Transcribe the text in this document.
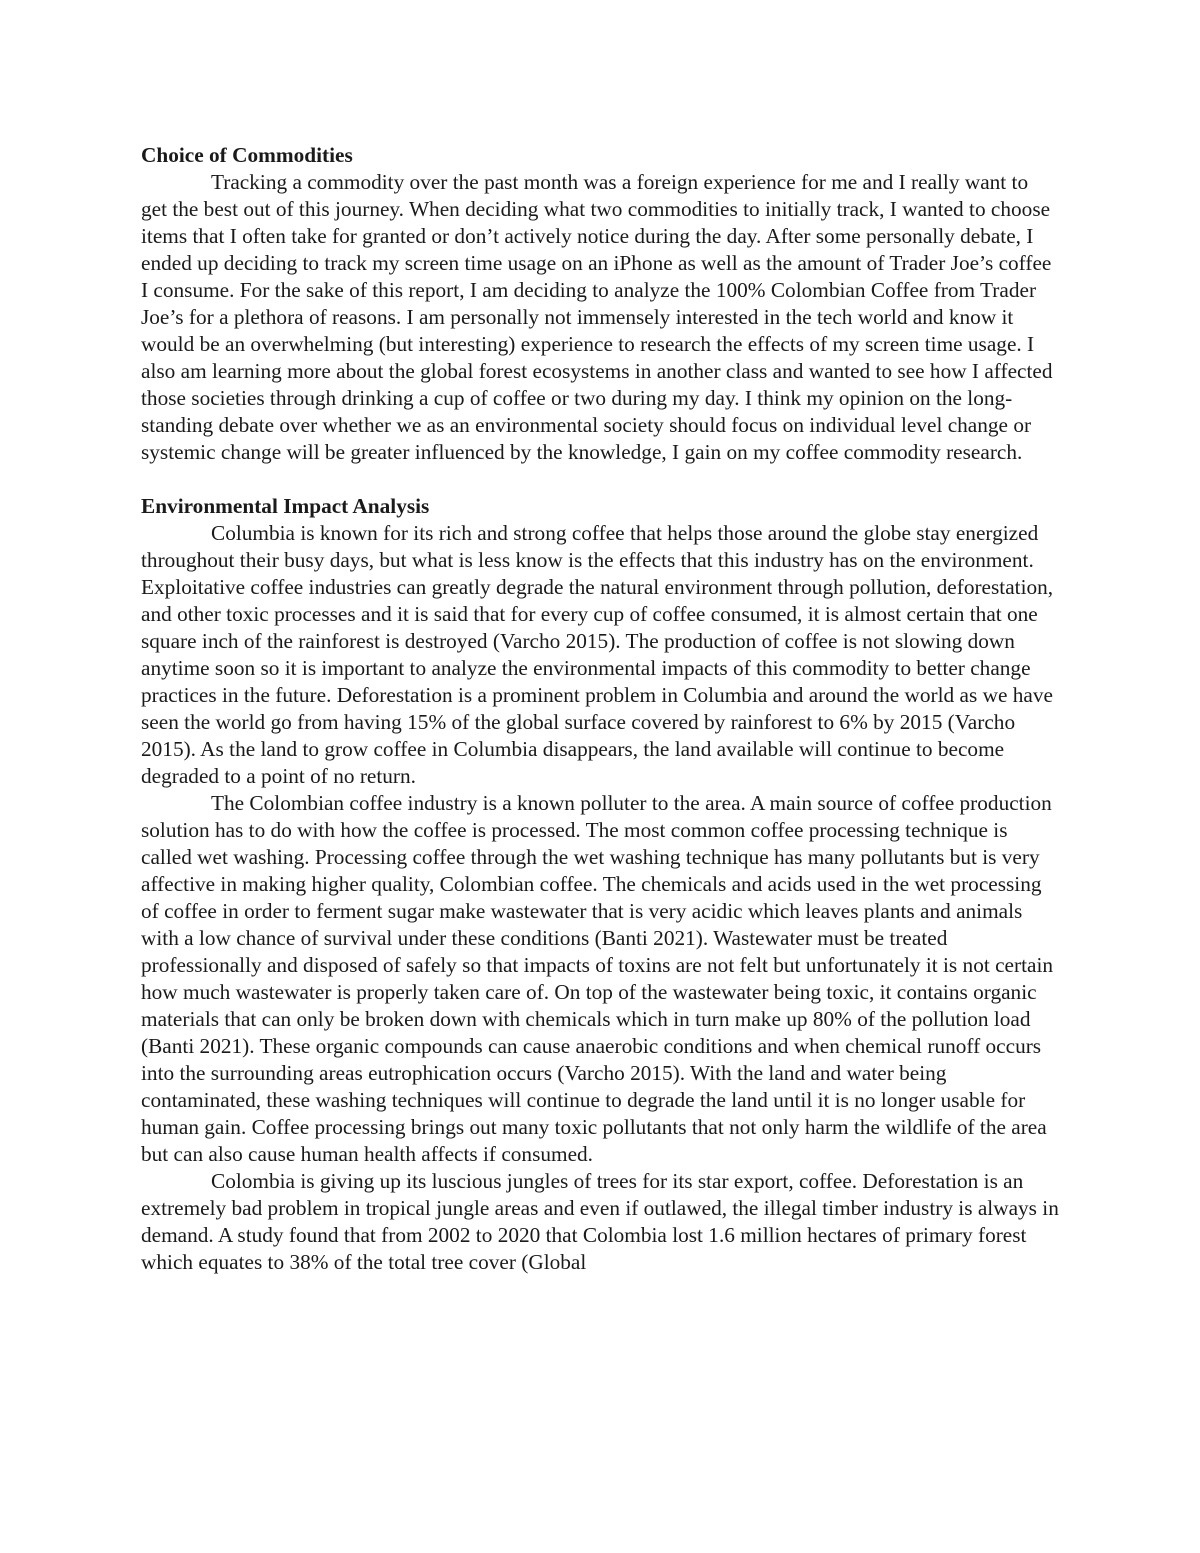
Choice of Commodities

Tracking a commodity over the past month was a foreign experience for me and I really want to get the best out of this journey. When deciding what two commodities to initially track, I wanted to choose items that I often take for granted or don’t actively notice during the day. After some personally debate, I ended up deciding to track my screen time usage on an iPhone as well as the amount of Trader Joe’s coffee I consume. For the sake of this report, I am deciding to analyze the 100% Colombian Coffee from Trader Joe’s for a plethora of reasons. I am personally not immensely interested in the tech world and know it would be an overwhelming (but interesting) experience to research the effects of my screen time usage. I also am learning more about the global forest ecosystems in another class and wanted to see how I affected those societies through drinking a cup of coffee or two during my day. I think my opinion on the long-standing debate over whether we as an environmental society should focus on individual level change or systemic change will be greater influenced by the knowledge, I gain on my coffee commodity research.

Environmental Impact Analysis

Columbia is known for its rich and strong coffee that helps those around the globe stay energized throughout their busy days, but what is less know is the effects that this industry has on the environment. Exploitative coffee industries can greatly degrade the natural environment through pollution, deforestation, and other toxic processes and it is said that for every cup of coffee consumed, it is almost certain that one square inch of the rainforest is destroyed (Varcho 2015). The production of coffee is not slowing down anytime soon so it is important to analyze the environmental impacts of this commodity to better change practices in the future. Deforestation is a prominent problem in Columbia and around the world as we have seen the world go from having 15% of the global surface covered by rainforest to 6% by 2015 (Varcho 2015). As the land to grow coffee in Columbia disappears, the land available will continue to become degraded to a point of no return.

The Colombian coffee industry is a known polluter to the area. A main source of coffee production solution has to do with how the coffee is processed. The most common coffee processing technique is called wet washing. Processing coffee through the wet washing technique has many pollutants but is very affective in making higher quality, Colombian coffee. The chemicals and acids used in the wet processing of coffee in order to ferment sugar make wastewater that is very acidic which leaves plants and animals with a low chance of survival under these conditions (Banti 2021). Wastewater must be treated professionally and disposed of safely so that impacts of toxins are not felt but unfortunately it is not certain how much wastewater is properly taken care of. On top of the wastewater being toxic, it contains organic materials that can only be broken down with chemicals which in turn make up 80% of the pollution load (Banti 2021). These organic compounds can cause anaerobic conditions and when chemical runoff occurs into the surrounding areas eutrophication occurs (Varcho 2015). With the land and water being contaminated, these washing techniques will continue to degrade the land until it is no longer usable for human gain. Coffee processing brings out many toxic pollutants that not only harm the wildlife of the area but can also cause human health affects if consumed.

Colombia is giving up its luscious jungles of trees for its star export, coffee. Deforestation is an extremely bad problem in tropical jungle areas and even if outlawed, the illegal timber industry is always in demand. A study found that from 2002 to 2020 that Colombia lost 1.6 million hectares of primary forest which equates to 38% of the total tree cover (Global
